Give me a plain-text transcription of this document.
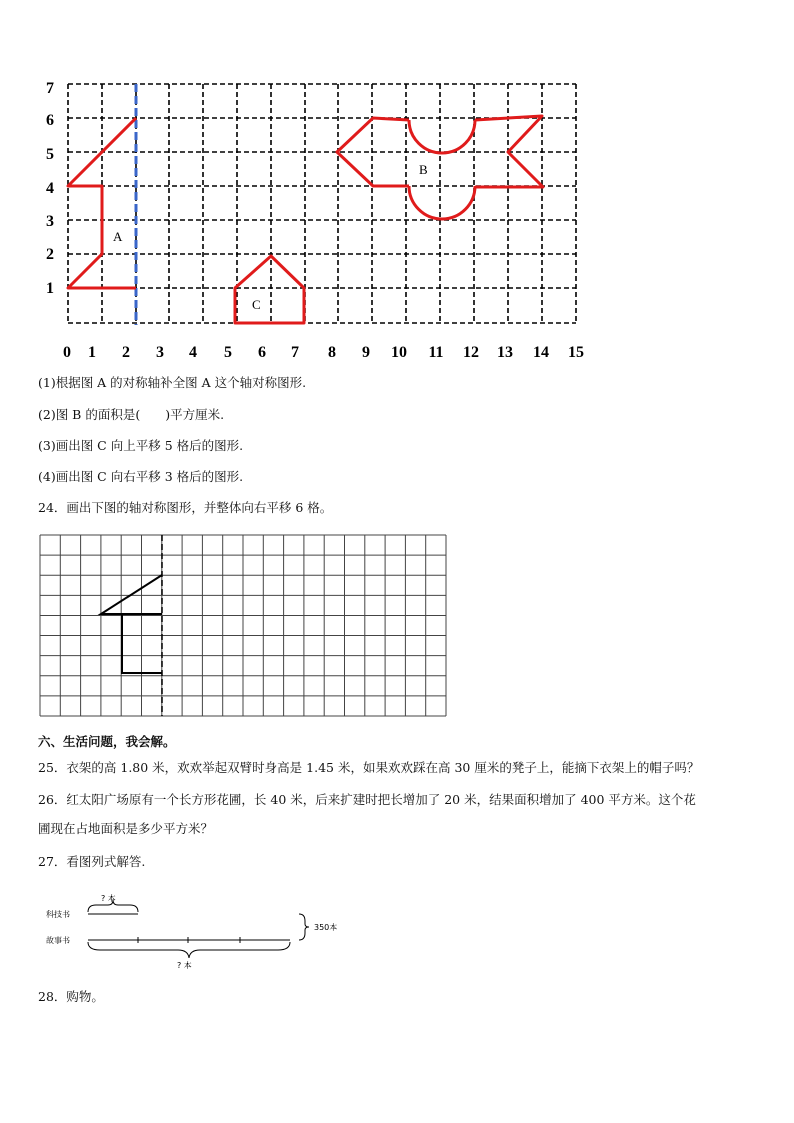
A
B
C
0 1 2 3 4 5 6 7 8 9 10 11 12 13 14 15
1
2
3
4
5
6
7
(1)根据图 A 的对称轴补全图 A 这个轴对称图形.
(2)图 B 的面积是(　　)平方厘米.
(3)画出图 C 向上平移 5 格后的图形.
(4)画出图 C 向右平移 3 格后的图形.
24．画出下图的轴对称图形，并整体向右平移 6 格。
六、生活问题，我会解。
25．衣架的高 1.80 米，欢欢举起双臂时身高是 1.45 米，如果欢欢踩在高 30 厘米的凳子上，能摘下衣架上的帽子吗？
26．红太阳广场原有一个长方形花圃，长 40 米，后来扩建时把长增加了 20 米，结果面积增加了 400 平方米。这个花
圃现在占地面积是多少平方米？
27．看图列式解答.
? 本
科技书
故事书
350本
? 本
28．购物。
